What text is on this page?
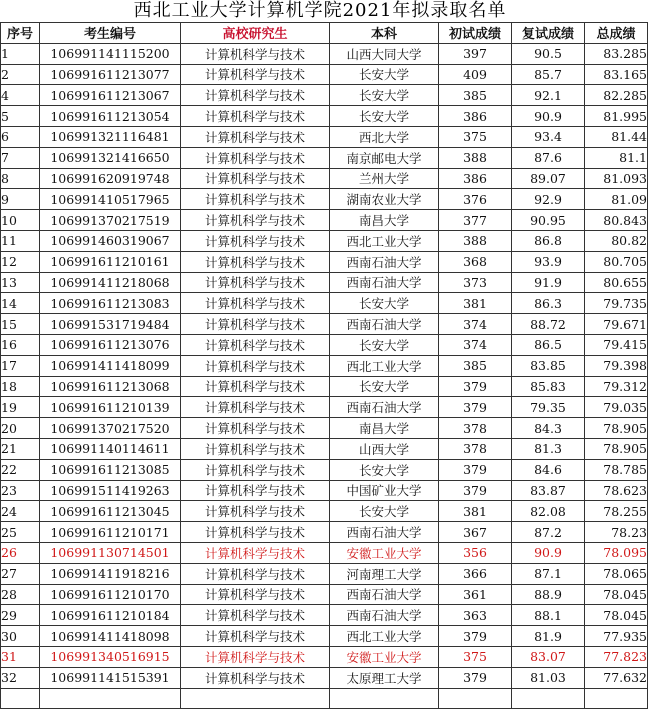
西北工业大学计算机学院2021年拟录取名单
序号	考生编号	高校研究生	本科	初试成绩	复试成绩	总成绩
1	106991141115200	计算机科学与技术	山西大同大学	397	90.5	83.285
2	106991611213077	计算机科学与技术	长安大学	409	85.7	83.165
4	106991611213067	计算机科学与技术	长安大学	385	92.1	82.285
5	106991611213054	计算机科学与技术	长安大学	386	90.9	81.995
6	106991321116481	计算机科学与技术	西北大学	375	93.4	81.44
7	106991321416650	计算机科学与技术	南京邮电大学	388	87.6	81.1
8	106991620919748	计算机科学与技术	兰州大学	386	89.07	81.093
9	106991410517965	计算机科学与技术	湖南农业大学	376	92.9	81.09
10	106991370217519	计算机科学与技术	南昌大学	377	90.95	80.843
11	106991460319067	计算机科学与技术	西北工业大学	388	86.8	80.82
12	106991611210161	计算机科学与技术	西南石油大学	368	93.9	80.705
13	106991411218068	计算机科学与技术	西南石油大学	373	91.9	80.655
14	106991611213083	计算机科学与技术	长安大学	381	86.3	79.735
15	106991531719484	计算机科学与技术	西南石油大学	374	88.72	79.671
16	106991611213076	计算机科学与技术	长安大学	374	86.5	79.415
17	106991411418099	计算机科学与技术	西北工业大学	385	83.85	79.398
18	106991611213068	计算机科学与技术	长安大学	379	85.83	79.312
19	106991611210139	计算机科学与技术	西南石油大学	379	79.35	79.035
20	106991370217520	计算机科学与技术	南昌大学	378	84.3	78.905
21	106991140114611	计算机科学与技术	山西大学	378	81.3	78.905
22	106991611213085	计算机科学与技术	长安大学	379	84.6	78.785
23	106991511419263	计算机科学与技术	中国矿业大学	379	83.87	78.623
24	106991611213045	计算机科学与技术	长安大学	381	82.08	78.255
25	106991611210171	计算机科学与技术	西南石油大学	367	87.2	78.23
26	106991130714501	计算机科学与技术	安徽工业大学	356	90.9	78.095
27	106991411918216	计算机科学与技术	河南理工大学	366	87.1	78.065
28	106991611210170	计算机科学与技术	西南石油大学	361	88.9	78.045
29	106991611210184	计算机科学与技术	西南石油大学	363	88.1	78.045
30	106991411418098	计算机科学与技术	西北工业大学	379	81.9	77.935
31	106991340516915	计算机科学与技术	安徽工业大学	375	83.07	77.823
32	106991141515391	计算机科学与技术	太原理工大学	379	81.03	77.632
